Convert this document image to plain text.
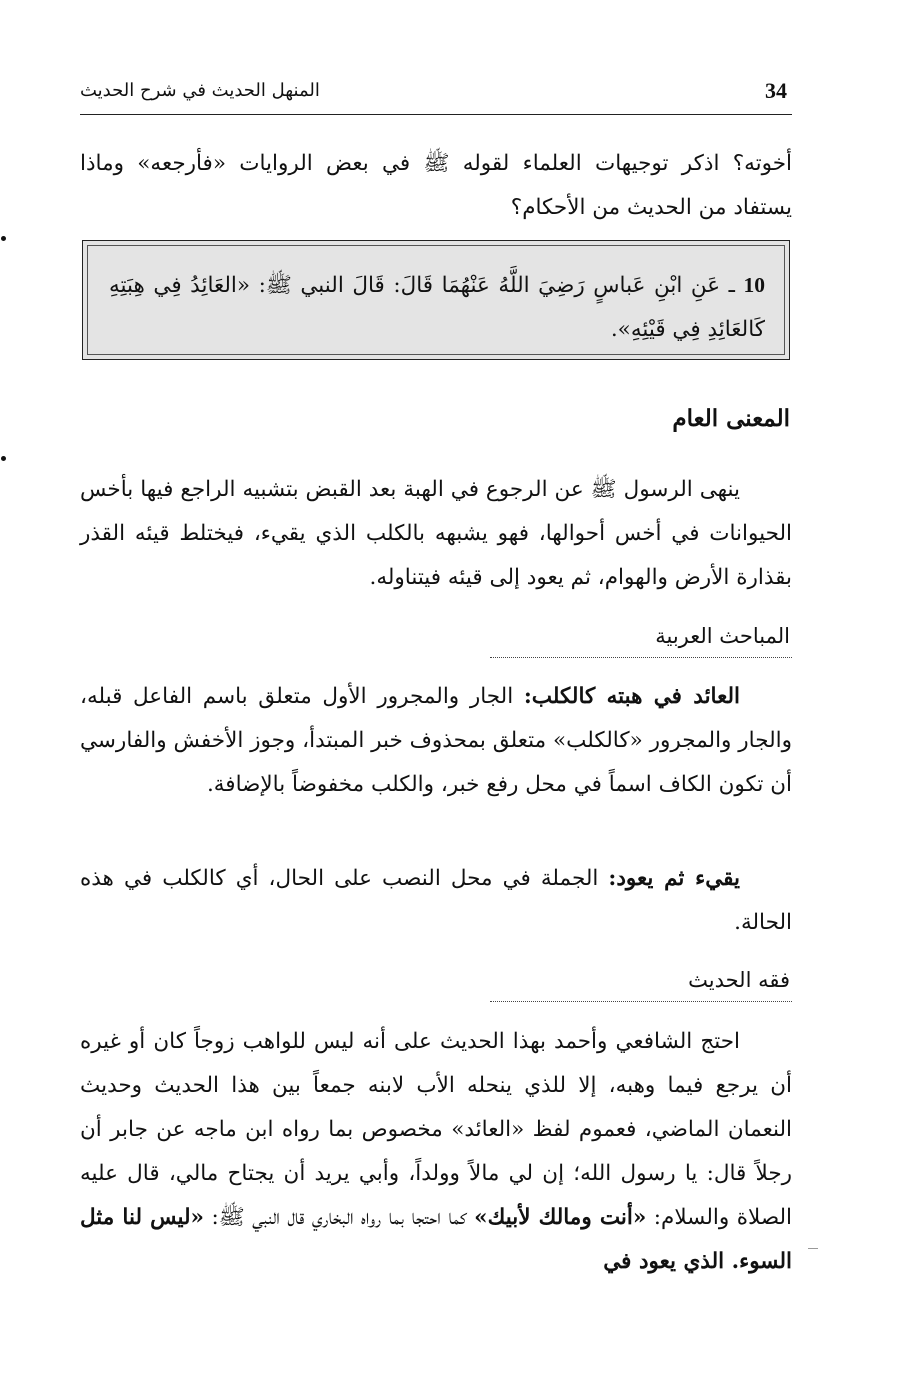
34
المنهل الحديث في شرح الحديث

أخوته؟ اذكر توجيهات العلماء لقوله ﷺ في بعض الروايات «فأرجعه» وماذا يستفاد من الحديث من الأحكام؟

10 ـ عَنِ ابْنِ عَباسٍ رَضِيَ اللَّهُ عَنْهُمَا قَالَ: قَالَ النبي ﷺ: «العَائِدُ فِي هِبَتِهِ كَالعَائِدِ فِي قَيْئِهِ».
المعنى العام

ينهى الرسول ﷺ عن الرجوع في الهبة بعد القبض بتشبيه الراجع فيها بأخس الحيوانات في أخس أحوالها، فهو يشبهه بالكلب الذي يقيء، فيختلط قيئه القذر بقذارة الأرض والهوام، ثم يعود إلى قيئه فيتناوله.

المباحث العربية

العائد في هبته كالكلب: الجار والمجرور الأول متعلق باسم الفاعل قبله، والجار والمجرور «كالكلب» متعلق بمحذوف خبر المبتدأ، وجوز الأخفش والفارسي أن تكون الكاف اسماً في محل رفع خبر، والكلب مخفوضاً بالإضافة.

يقيء ثم يعود: الجملة في محل النصب على الحال، أي كالكلب في هذه الحالة.

فقه الحديث

احتج الشافعي وأحمد بهذا الحديث على أنه ليس للواهب زوجاً كان أو غيره أن يرجع فيما وهبه، إلا للذي ينحله الأب لابنه جمعاً بين هذا الحديث وحديث النعمان الماضي، فعموم لفظ «العائد» مخصوص بما رواه ابن ماجه عن جابر أن رجلاً قال: يا رسول الله؛ إن لي مالاً وولداً، وأبي يريد أن يجتاح مالي، قال عليه الصلاة والسلام: «أنت ومالك لأبيك» كما احتجا بما رواه البخاري قال النبي ﷺ: «ليس لنا مثل السوء. الذي يعود في
